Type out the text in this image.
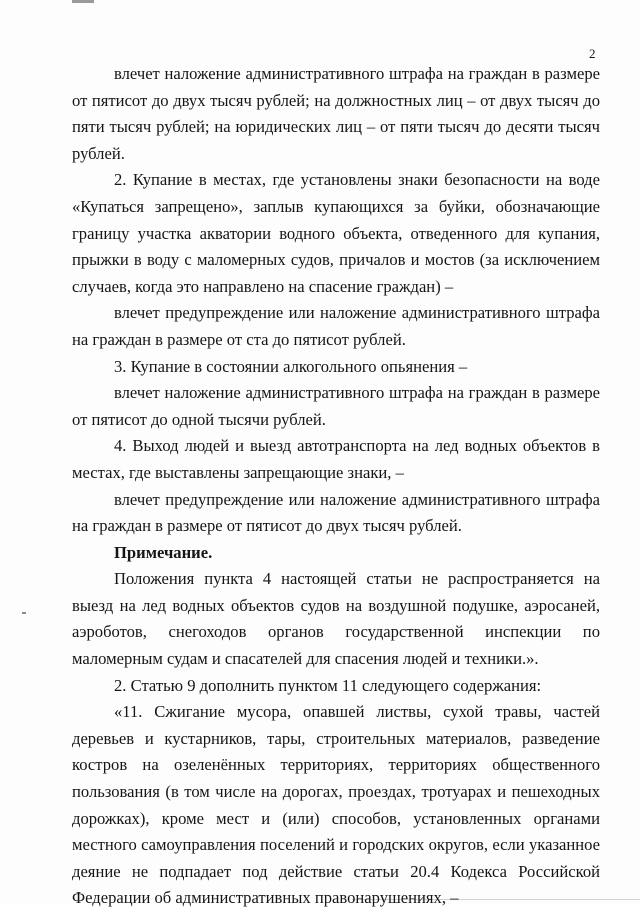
2

влечет наложение административного штрафа на граждан в размере от пятисот до двух тысяч рублей; на должностных лиц – от двух тысяч до пяти тысяч рублей; на юридических лиц – от пяти тысяч до десяти тысяч рублей.

2. Купание в местах, где установлены знаки безопасности на воде «Купаться запрещено», заплыв купающихся за буйки, обозначающие границу участка акватории водного объекта, отведенного для купания, прыжки в воду с маломерных судов, причалов и мостов (за исключением случаев, когда это направлено на спасение граждан) –

влечет предупреждение или наложение административного штрафа на граждан в размере от ста до пятисот рублей.

3. Купание в состоянии алкогольного опьянения –

влечет наложение административного штрафа на граждан в размере от пятисот до одной тысячи рублей.

4. Выход людей и выезд автотранспорта на лед водных объектов в местах, где выставлены запрещающие знаки, –

влечет предупреждение или наложение административного штрафа на граждан в размере от пятисот до двух тысяч рублей.

Примечание.

Положения пункта 4 настоящей статьи не распространяется на выезд на лед водных объектов судов на воздушной подушке, аэросаней, аэроботов, снегоходов органов государственной инспекции по маломерным судам и спасателей для спасения людей и техники.».

2. Статью 9 дополнить пунктом 11 следующего содержания:

«11. Сжигание мусора, опавшей листвы, сухой травы, частей деревьев и кустарников, тары, строительных материалов, разведение костров на озеленённых территориях, территориях общественного пользования (в том числе на дорогах, проездах, тротуарах и пешеходных дорожках), кроме мест и (или) способов, установленных органами местного самоуправления поселений и городских округов, если указанное деяние не подпадает под действие статьи 20.4 Кодекса Российской Федерации об административных правонарушениях, –
